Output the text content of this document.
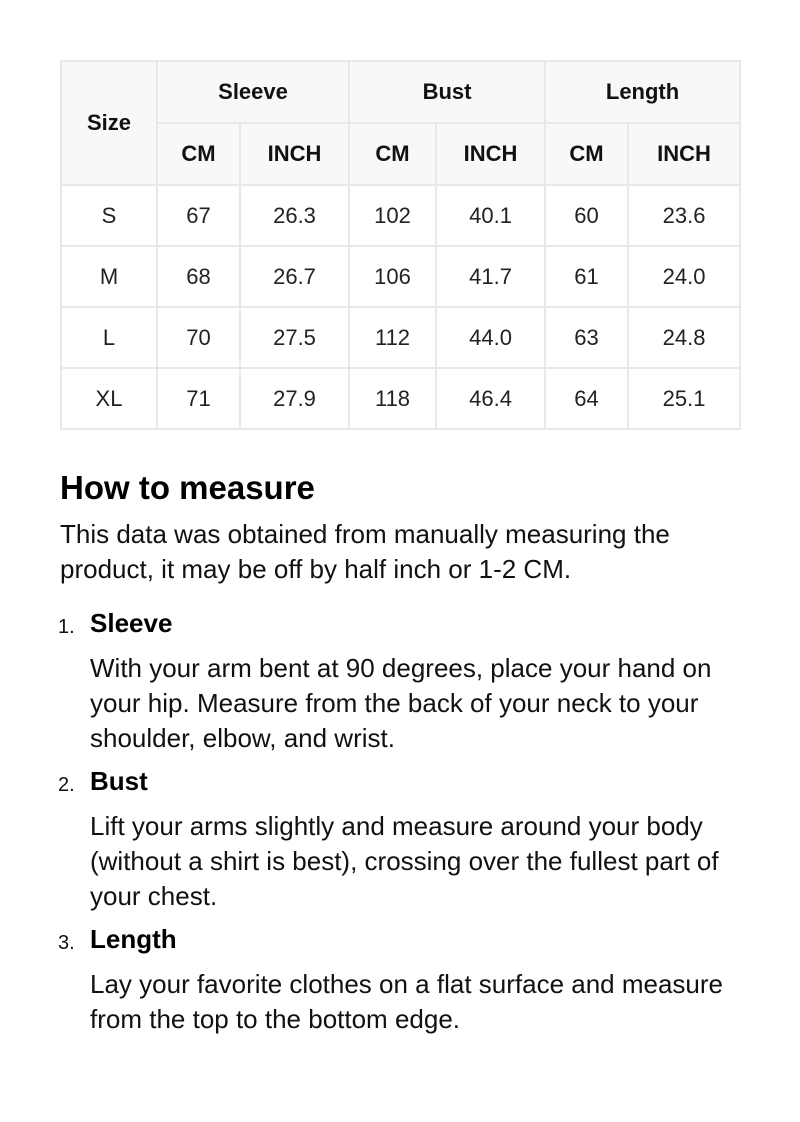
Size	Sleeve		Bust		Length	
	CM	INCH	CM	INCH	CM	INCH
S	67	26.3	102	40.1	60	23.6
M	68	26.7	106	41.7	61	24.0
L	70	27.5	112	44.0	63	24.8
XL	71	27.9	118	46.4	64	25.1
How to measure

This data was obtained from manually measuring the product, it may be off by half inch or 1-2 CM.

1. Sleeve
With your arm bent at 90 degrees, place your hand on your hip. Measure from the back of your neck to your shoulder, elbow, and wrist.
2. Bust
Lift your arms slightly and measure around your body (without a shirt is best), crossing over the fullest part of your chest.
3. Length
Lay your favorite clothes on a flat surface and measure from the top to the bottom edge.
